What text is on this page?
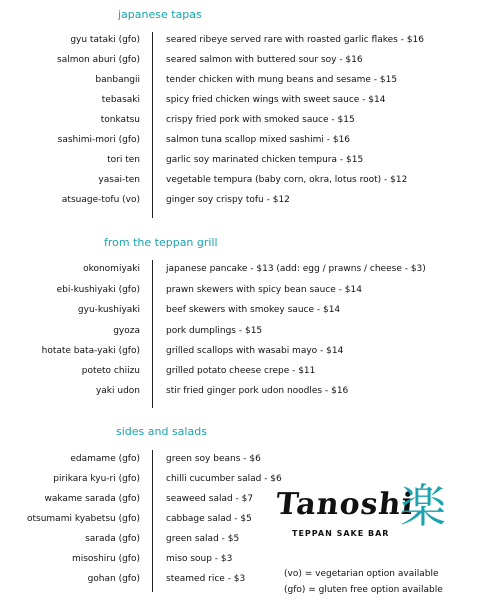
japanese tapas
gyu tataki (gfo)	seared ribeye served rare with roasted garlic flakes - $16
salmon aburi (gfo)	seared salmon with buttered sour soy - $16
banbangii	tender chicken with mung beans and sesame - $15
tebasaki	spicy fried chicken wings with sweet sauce - $14
tonkatsu	crispy fried pork with smoked sauce - $15
sashimi-mori (gfo)	salmon tuna scallop mixed sashimi - $16
tori ten	garlic soy marinated chicken tempura - $15
yasai-ten	vegetable tempura (baby corn, okra, lotus root) - $12
atsuage-tofu (vo)	ginger soy crispy tofu - $12
from the teppan grill
okonomiyaki	japanese pancake - $13 (add: egg / prawns / cheese - $3)
ebi-kushiyaki (gfo)	prawn skewers with spicy bean sauce - $14
gyu-kushiyaki	beef skewers with smokey sauce - $14
gyoza	pork dumplings - $15
hotate bata-yaki (gfo)	grilled scallops with wasabi mayo - $14
poteto chiizu	grilled potato cheese crepe - $11
yaki udon	stir fried ginger pork udon noodles - $16
sides and salads
edamame (gfo)	green soy beans - $6
pirikara kyu-ri (gfo)	chilli cucumber salad - $6
wakame sarada (gfo)	seaweed salad - $7
otsumami kyabetsu (gfo)	cabbage salad - $5
sarada (gfo)	green salad - $5
misoshiru (gfo)	miso soup - $3
gohan (gfo)	steamed rice - $3
Tanoshi
楽
TEPPAN SAKE BAR
(vo) = vegetarian option available
(gfo) = gluten free option available
